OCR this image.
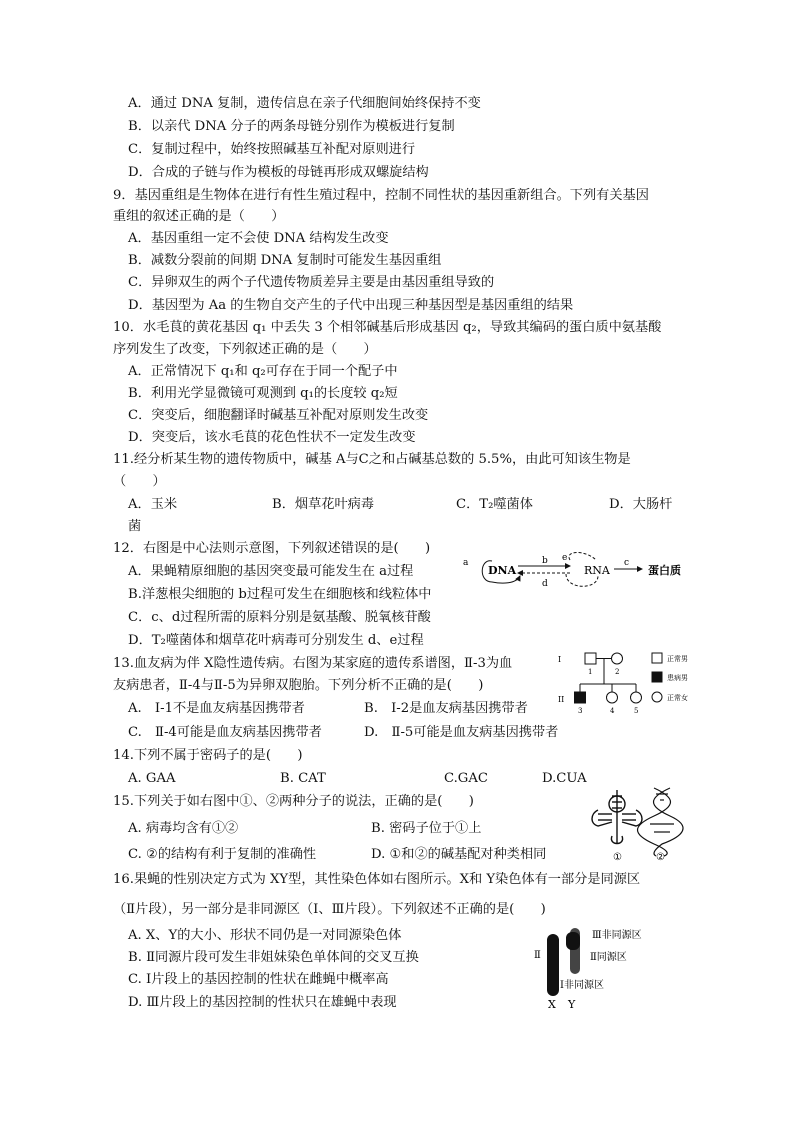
A．通过 DNA 复制，遗传信息在亲子代细胞间始终保持不变
B．以亲代 DNA 分子的两条母链分别作为模板进行复制
C．复制过程中，始终按照碱基互补配对原则进行
D．合成的子链与作为模板的母链再形成双螺旋结构
9．基因重组是生物体在进行有性生殖过程中，控制不同性状的基因重新组合。下列有关基因
重组的叙述正确的是（　　）
A．基因重组一定不会使 DNA 结构发生改变
B．减数分裂前的间期 DNA 复制时可能发生基因重组
C．异卵双生的两个子代遗传物质差异主要是由基因重组导致的
D．基因型为 Aa 的生物自交产生的子代中出现三种基因型是基因重组的结果
10．水毛茛的黄花基因 q₁ 中丢失 3 个相邻碱基后形成基因 q₂，导致其编码的蛋白质中氨基酸
序列发生了改变，下列叙述正确的是（　　）
A．正常情况下 q₁和 q₂可存在于同一个配子中
B．利用光学显微镜可观测到 q₁的长度较 q₂短
C．突变后，细胞翻译时碱基互补配对原则发生改变
D．突变后，该水毛茛的花色性状不一定发生改变
11.经分析某生物的遗传物质中，碱基 A与C之和占碱基总数的 5.5%，由此可知该生物是
（　　）
A．玉米	B．烟草花叶病毒	C．T₂噬菌体	D．大肠杆
菌
12．右图是中心法则示意图，下列叙述错误的是(　　)
A．果蝇精原细胞的基因突变最可能发生在 a过程
B.洋葱根尖细胞的 b过程可发生在细胞核和线粒体中
C．c、d过程所需的原料分别是氨基酸、脱氧核苷酸
D．T₂噬菌体和烟草花叶病毒可分别发生 d、e过程
a
DNA
b
d
e
RNA
c
蛋白质
13.血友病为伴 X隐性遗传病。右图为某家庭的遗传系谱图，Ⅱ-3为血
友病患者，Ⅱ-4与Ⅱ-5为异卵双胞胎。下列分析不正确的是(　　)
A.　Ⅰ-1不是血友病基因携带者	B.　Ⅰ-2是血友病基因携带者
C.　Ⅱ-4可能是血友病基因携带者	D.　Ⅱ-5可能是血友病基因携带者
I
II
1	2
3	4	5
正常男
患病男
正常女
14.下列不属于密码子的是(　　)
A. GAA	B. CAT	C.GAC	D.CUA
15.下列关于如右图中①、②两种分子的说法，正确的是(　　)
A. 病毒均含有①②	B. 密码子位于①上
C. ②的结构有利于复制的准确性	D. ①和②的碱基配对种类相同	①	②
16.果蝇的性别决定方式为 XY型，其性染色体如右图所示。X和 Y染色体有一部分是同源区
（Ⅱ片段），另一部分是非同源区（Ⅰ、Ⅲ片段）。下列叙述不正确的是(　　)
A. X、Y的大小、形状不同仍是一对同源染色体
B. Ⅱ同源片段可发生非姐妹染色单体间的交叉互换
C. Ⅰ片段上的基因控制的性状在雌蝇中概率高
D. Ⅲ片段上的基因控制的性状只在雄蝇中表现
Ⅱ
Ⅲ非同源区
Ⅱ同源区
Ⅰ非同源区
X Y
